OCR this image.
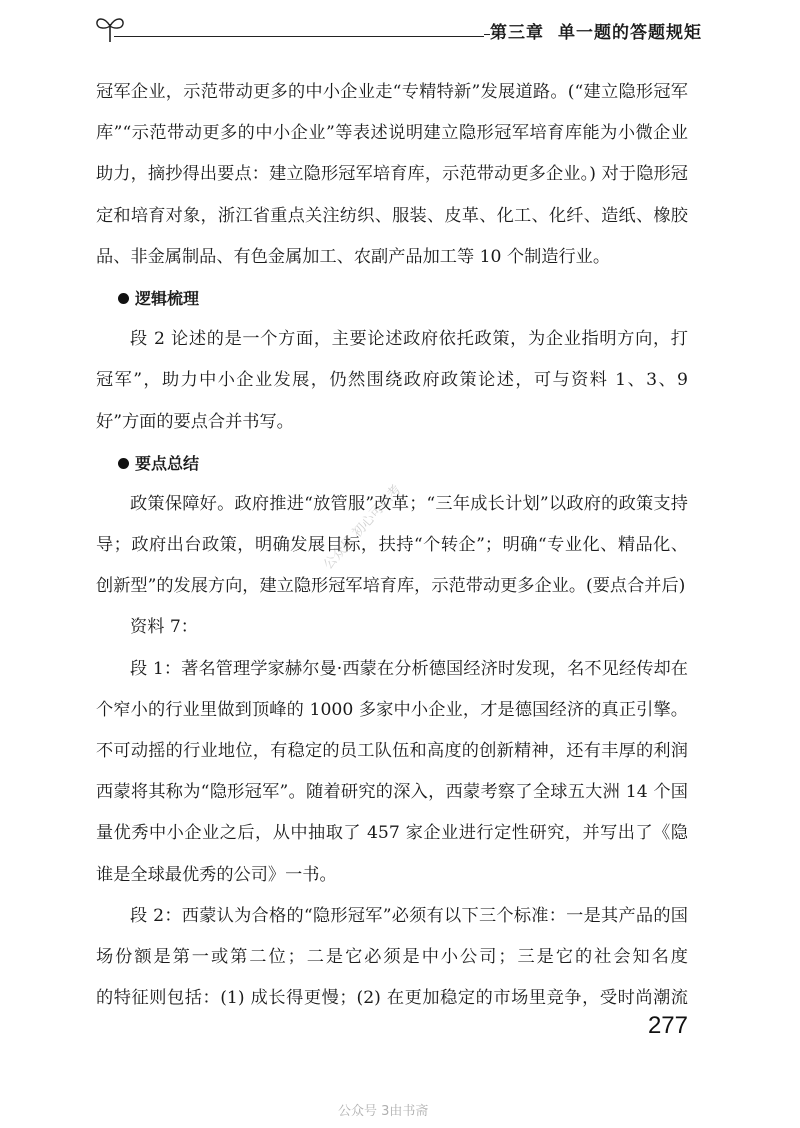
第三章 单一题的答题规矩
冠军企业，示范带动更多的中小企业走“专精特新”发展道路。(“建立隐形冠军
库”“示范带动更多的中小企业”等表述说明建立隐形冠军培育库能为小微企业
助力，摘抄得出要点：建立隐形冠军培育库，示范带动更多企业。) 对于隐形冠
定和培育对象，浙江省重点关注纺织、服装、皮革、化工、化纤、造纸、橡胶
品、非金属制品、有色金属加工、农副产品加工等 10 个制造行业。
逻辑梳理
段 2 论述的是一个方面，主要论述政府依托政策，为企业指明方向，打
冠军”，助力中小企业发展，仍然围绕政府政策论述，可与资料 1、3、9
好”方面的要点合并书写。
要点总结
政策保障好。政府推进“放管服”改革；“三年成长计划”以政府的政策支持
导；政府出台政策，明确发展目标，扶持“个转企”；明确“专业化、精品化、
创新型”的发展方向，建立隐形冠军培育库，示范带动更多企业。(要点合并后)
资料 7：
段 1：著名管理学家赫尔曼·西蒙在分析德国经济时发现，名不见经传却在
个窄小的行业里做到顶峰的 1000 多家中小企业，才是德国经济的真正引擎。
不可动摇的行业地位，有稳定的员工队伍和高度的创新精神，还有丰厚的利润
西蒙将其称为“隐形冠军”。随着研究的深入，西蒙考察了全球五大洲 14 个国
量优秀中小企业之后，从中抽取了 457 家企业进行定性研究，并写出了《隐
谁是全球最优秀的公司》一书。
段 2：西蒙认为合格的“隐形冠军”必须有以下三个标准：一是其产品的国
场份额是第一或第二位；二是它必须是中小公司；三是它的社会知名度
的特征则包括：(1) 成长得更慢；(2) 在更加稳定的市场里竞争，受时尚潮流
277
公众号 初心可以考
公众号 3由书斋
